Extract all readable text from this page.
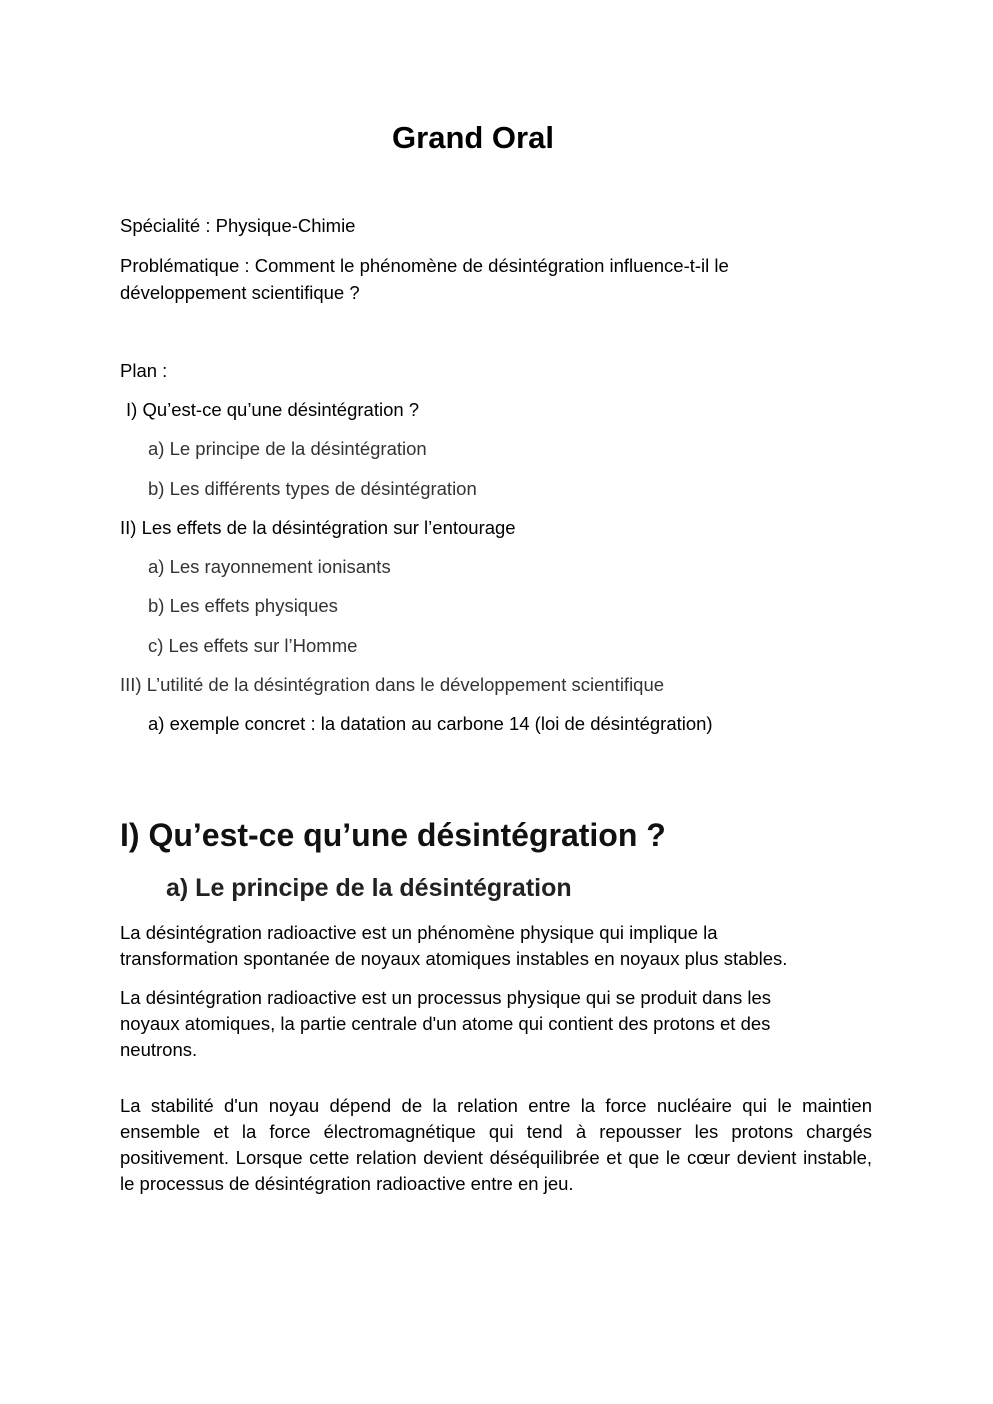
Grand Oral

Spécialité : Physique-Chimie

Problématique : Comment le phénomène de désintégration influence-t-il le

développement scientifique ?

Plan :

I) Qu’est-ce qu’une désintégration ?

a) Le principe de la désintégration

b) Les différents types de désintégration

II) Les effets de la désintégration sur l’entourage

a) Les rayonnement ionisants

b) Les effets physiques

c) Les effets sur l’Homme

III) L’utilité de la désintégration dans le développement scientifique

a) exemple concret : la datation au carbone 14 (loi de désintégration)

I) Qu’est-ce qu’une désintégration ?
a) Le principe de la désintégration

La désintégration radioactive est un phénomène physique qui implique la

transformation spontanée de noyaux atomiques instables en noyaux plus stables.

La désintégration radioactive est un processus physique qui se produit dans les

noyaux atomiques, la partie centrale d'un atome qui contient des protons et des

neutrons.

La stabilité d'un noyau dépend de la relation entre la force nucléaire qui le maintien ensemble et la force électromagnétique qui tend à repousser les protons chargés positivement. Lorsque cette relation devient déséquilibrée et que le cœur devient instable, le processus de désintégration radioactive entre en jeu.
